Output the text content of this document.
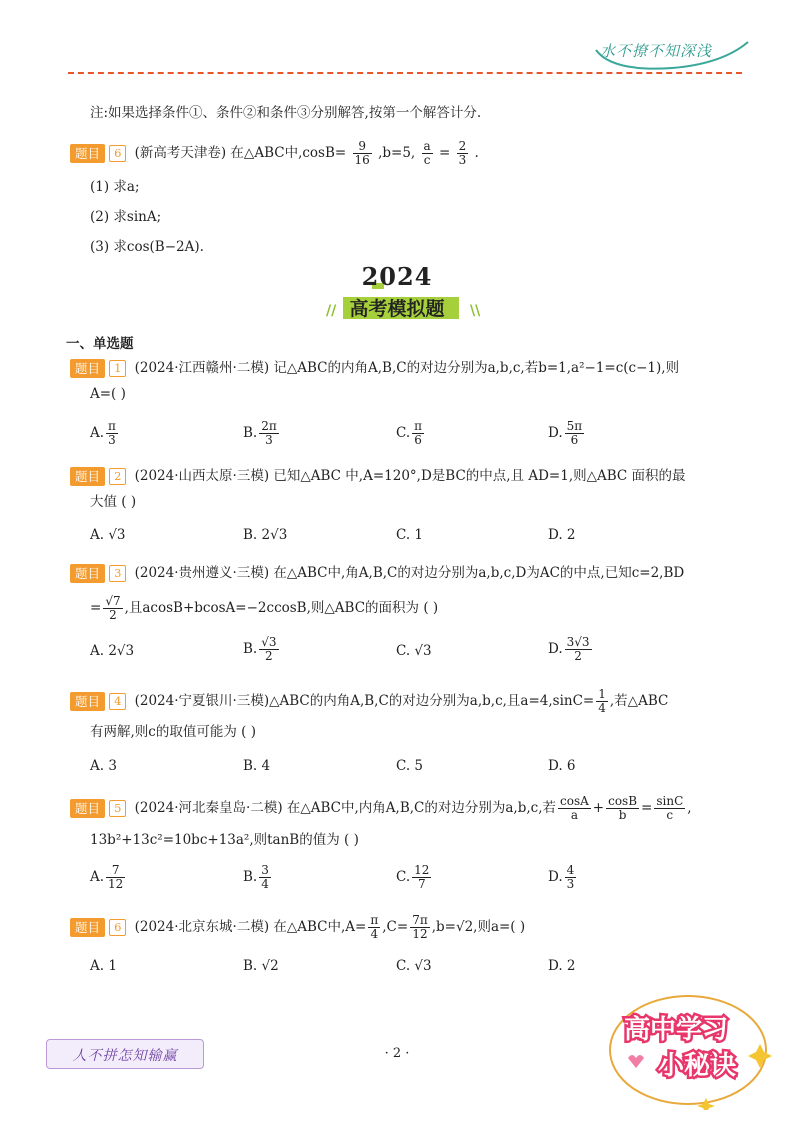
水不撩不知深浅
注:如果选择条件①、条件②和条件③分别解答,按第一个解答计分.
题目 6 (新高考天津卷) 在△ABC中$,\cos B= \frac{9}{16} ,b=5$, $\frac{a}{c} = \frac{2}{3}$ .
(1) 求a;
(2) 求sinA;
(3) 求cos(B−2A).
2024
//	\\
高考模拟题
一、单选题
题目 1 (2024·江西赣州·二模) 记△ABC的内角A,B,C的对边分别为a,b,c,若b=1,a²−1=c(c−1),则
A=( )
A. $\frac{\pi}{3}$	B. $\frac{2\pi}{3}$	C. $\frac{\pi}{6}$	D. $\frac{5\pi}{6}$
题目 2 (2024·山西太原·三模) 已知△ABC 中,A=120°,D是BC的中点,且 AD=1,则△ABC 面积的最
大值 ( )
A. √3	B. 2√3	C. 1	D. 2
题目 3 (2024·贵州遵义·三模) 在△ABC中,角A,B,C的对边分别为a,b,c,D为AC的中点,已知c=2,BD
= $\frac{√7}{2}$ ,且acosB+bcosA=−2ccosB,则△ABC的面积为 ( )
A. 2√3	B. $\frac{√3}{2}$	C. √3	D. $\frac{3√3}{2}$
题目 4 (2024·宁夏银川·三模)△ABC的内角A,B,C的对边分别为a,b,c,且$a=4,\sin C= \frac{1}{4}$ ,若△ABC
有两解,则c的取值可能为 ( )
A. 3	B. 4	C. 5	D. 6
题目 5 (2024·河北秦皇岛·二模) 在△ABC中,内角A,B,C的对边分别为a,b,c,若 $\frac{\cos A}{a} + \frac{\cos B}{b} = \frac{\sin C}{c}$ ,
13b²+13c²=10bc+13a²,则tanB的值为 ( )
A. $\frac{7}{12}$	B. $\frac{3}{4}$	C. $\frac{12}{7}$	D. $\frac{4}{3}$
题目 6 (2024·北京东城·二模) 在△ABC中$,A= \frac{\pi}{4} ,C= \frac{7\pi}{12} ,b=√2$,则a=( )
A. 1	B. √2	C. √3	D. 2
人不拼怎知输赢	· 2 ·
高中学习
小秘诀
